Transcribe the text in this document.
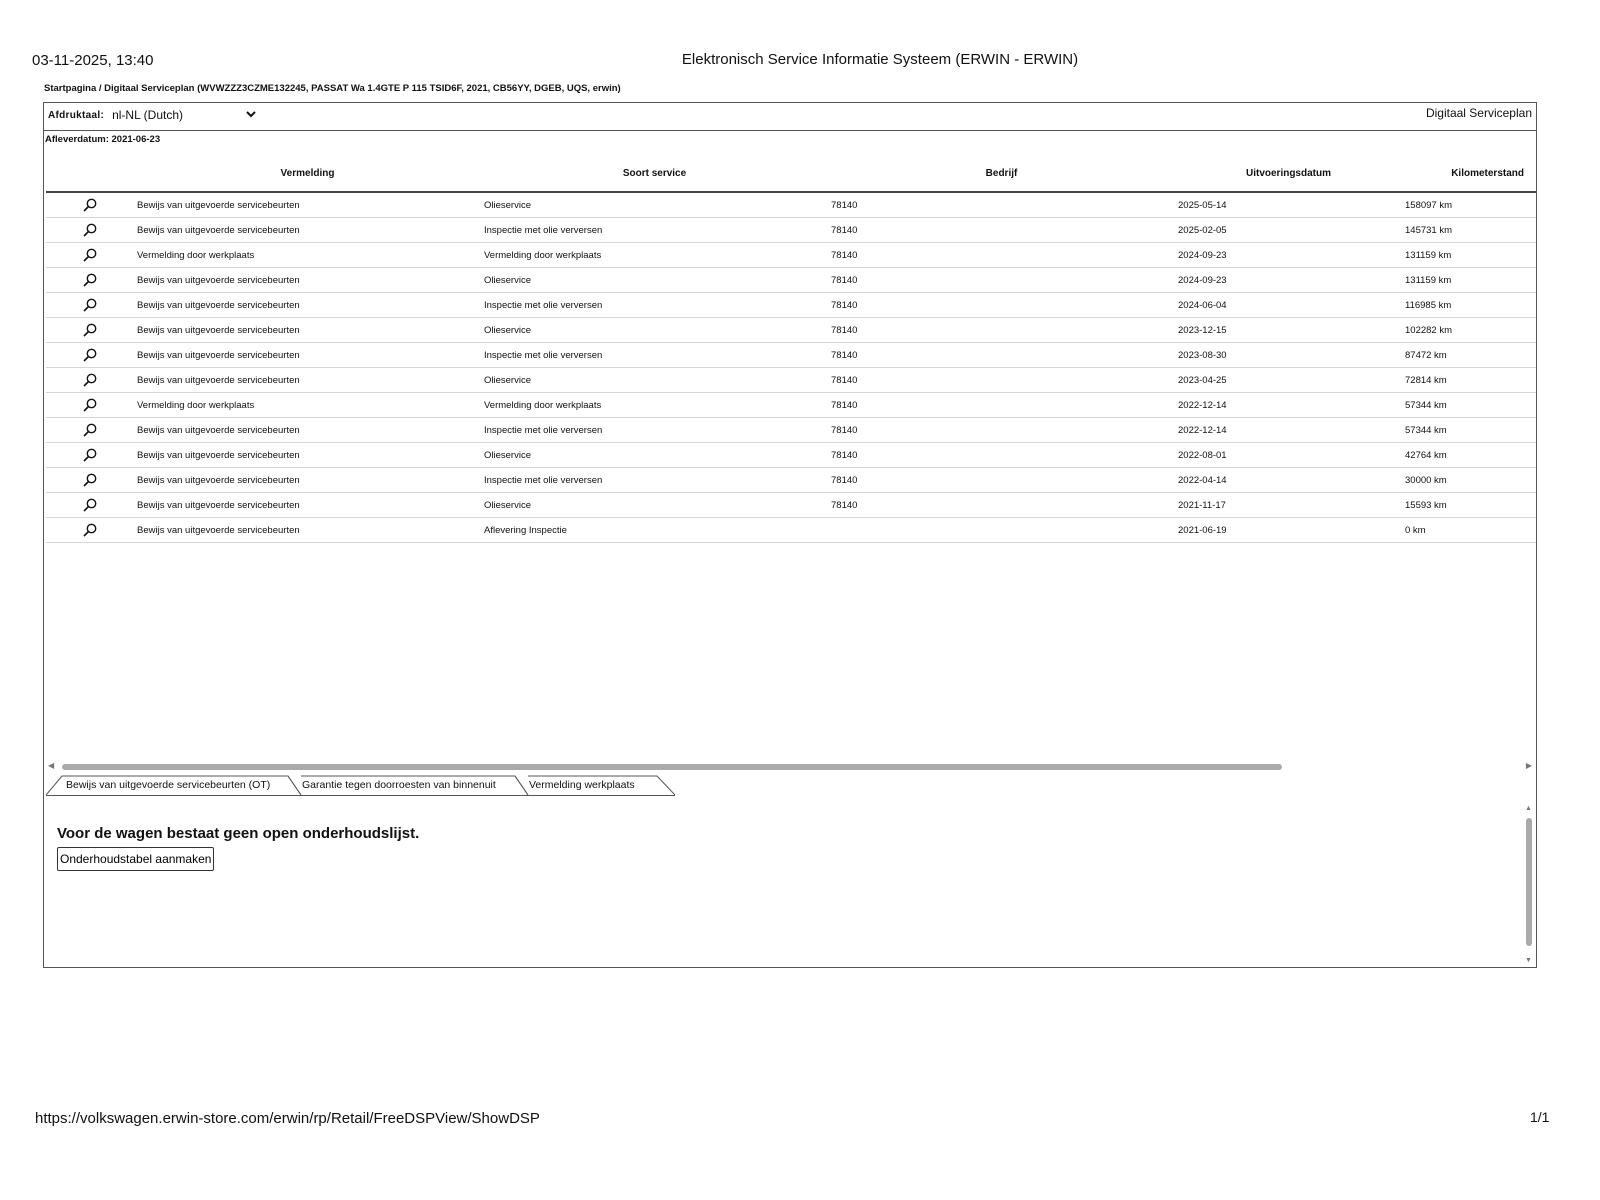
03-11-2025, 13:40	Elektronisch Service Informatie Systeem (ERWIN - ERWIN)
Startpagina / Digitaal Serviceplan (WVWZZZ3CZME132245, PASSAT Wa 1.4GTE P 115 TSID6F, 2021, CB56YY, DGEB, UQS, erwin)
Digitaal Serviceplan
Afdruktaal: nl-NL (Dutch)
Afleverdatum: 2021-06-23
	Vermelding	Soort service	Bedrijf	Uitvoeringsdatum	Kilometerstand

	Bewijs van uitgevoerde servicebeurten	Olieservice	78140	2025-05-14	158097 km

	Bewijs van uitgevoerde servicebeurten	Inspectie met olie verversen	78140	2025-02-05	145731 km

	Vermelding door werkplaats	Vermelding door werkplaats	78140	2024-09-23	131159 km

	Bewijs van uitgevoerde servicebeurten	Olieservice	78140	2024-09-23	131159 km

	Bewijs van uitgevoerde servicebeurten	Inspectie met olie verversen	78140	2024-06-04	116985 km

	Bewijs van uitgevoerde servicebeurten	Olieservice	78140	2023-12-15	102282 km

	Bewijs van uitgevoerde servicebeurten	Inspectie met olie verversen	78140	2023-08-30	87472 km

	Bewijs van uitgevoerde servicebeurten	Olieservice	78140	2023-04-25	72814 km

	Vermelding door werkplaats	Vermelding door werkplaats	78140	2022-12-14	57344 km

	Bewijs van uitgevoerde servicebeurten	Inspectie met olie verversen	78140	2022-12-14	57344 km

	Bewijs van uitgevoerde servicebeurten	Olieservice	78140	2022-08-01	42764 km

	Bewijs van uitgevoerde servicebeurten	Inspectie met olie verversen	78140	2022-04-14	30000 km

	Bewijs van uitgevoerde servicebeurten	Olieservice	78140	2021-11-17	15593 km

	Bewijs van uitgevoerde servicebeurten	Aflevering Inspectie		2021-06-19	0 km
◀	▶
Bewijs van uitgevoerde servicebeurten (OT)	Garantie tegen doorroesten van binnenuit	Vermelding werkplaats
Voor de wagen bestaat geen open onderhoudslijst.
Onderhoudstabel aanmaken
▲
▼
https://volkswagen.erwin-store.com/erwin/rp/Retail/FreeDSPView/ShowDSP	1/1
